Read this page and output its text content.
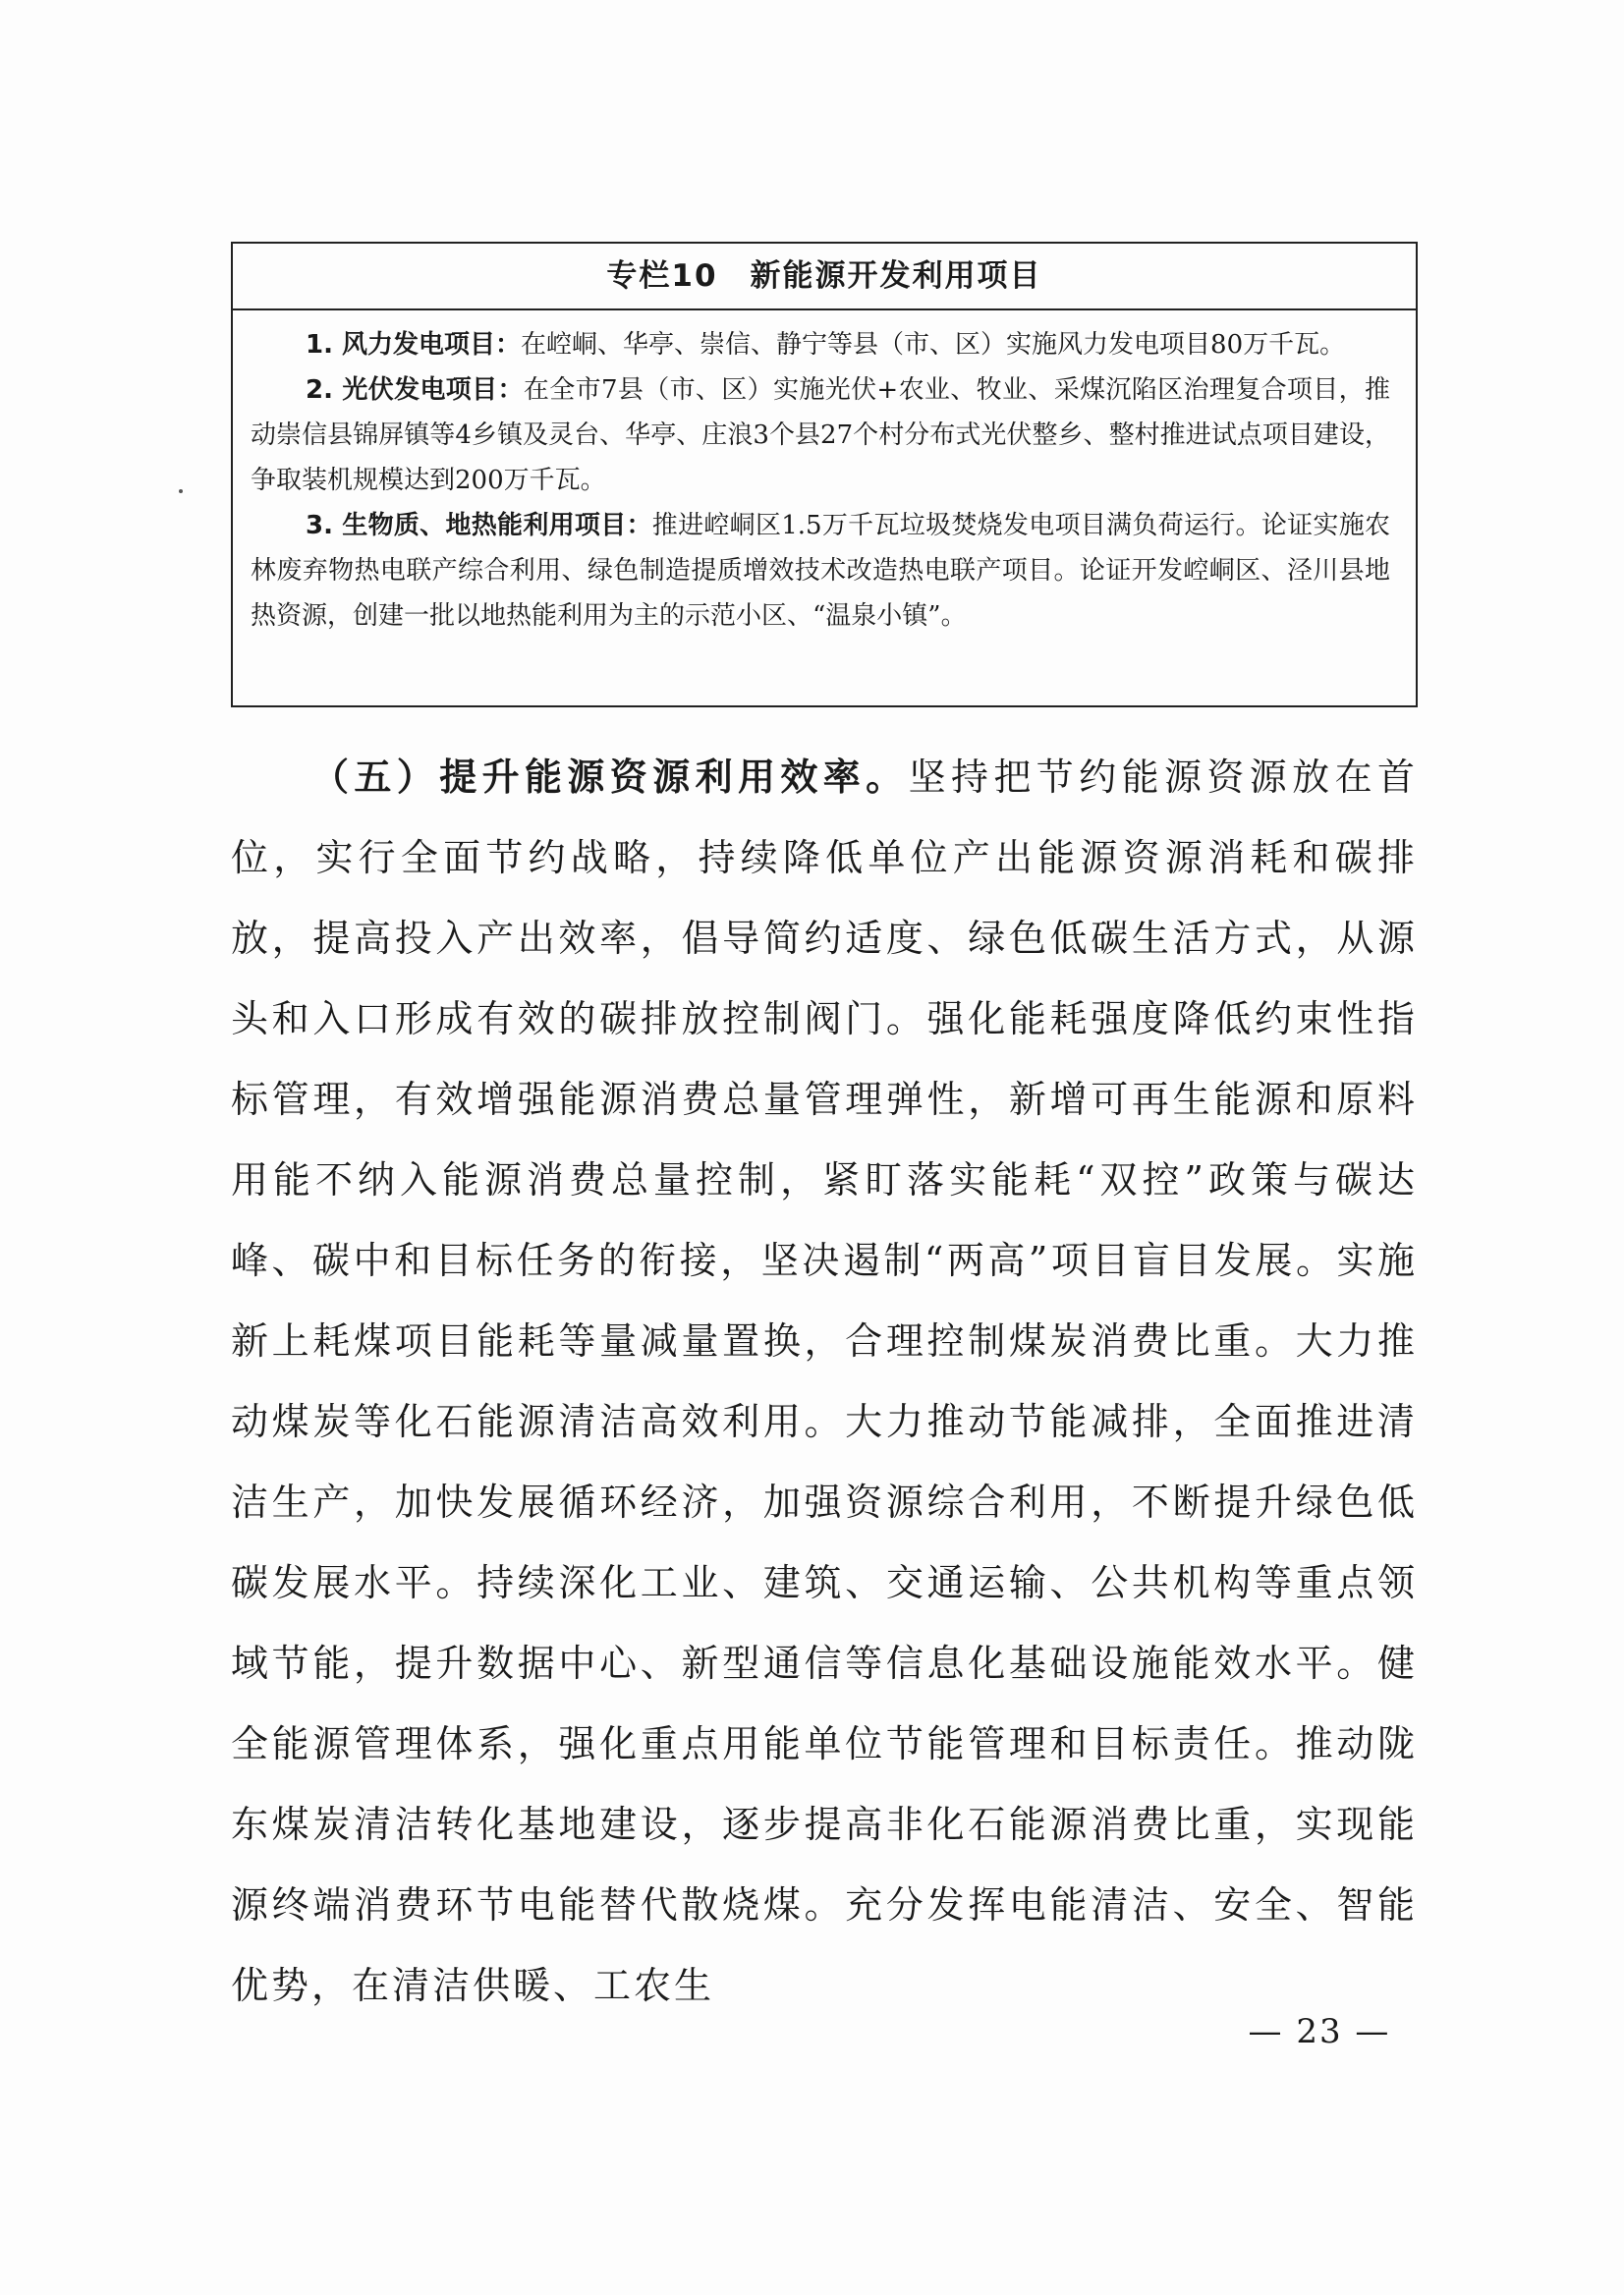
专栏10　新能源开发利用项目

1. 风力发电项目：在崆峒、华亭、崇信、静宁等县（市、区）实施风力发电项目80万千瓦。

2. 光伏发电项目：在全市7县（市、区）实施光伏+农业、牧业、采煤沉陷区治理复合项目，推动崇信县锦屏镇等4乡镇及灵台、华亭、庄浪3个县27个村分布式光伏整乡、整村推进试点项目建设，争取装机规模达到200万千瓦。

3. 生物质、地热能利用项目：推进崆峒区1.5万千瓦垃圾焚烧发电项目满负荷运行。论证实施农林废弃物热电联产综合利用、绿色制造提质增效技术改造热电联产项目。论证开发崆峒区、泾川县地热资源，创建一批以地热能利用为主的示范小区、“温泉小镇”。

（五）提升能源资源利用效率。坚持把节约能源资源放在首位，实行全面节约战略，持续降低单位产出能源资源消耗和碳排放，提高投入产出效率，倡导简约适度、绿色低碳生活方式，从源头和入口形成有效的碳排放控制阀门。强化能耗强度降低约束性指标管理，有效增强能源消费总量管理弹性，新增可再生能源和原料用能不纳入能源消费总量控制，紧盯落实能耗“双控”政策与碳达峰、碳中和目标任务的衔接，坚决遏制“两高”项目盲目发展。实施新上耗煤项目能耗等量减量置换，合理控制煤炭消费比重。大力推动煤炭等化石能源清洁高效利用。大力推动节能减排，全面推进清洁生产，加快发展循环经济，加强资源综合利用，不断提升绿色低碳发展水平。持续深化工业、建筑、交通运输、公共机构等重点领域节能，提升数据中心、新型通信等信息化基础设施能效水平。健全能源管理体系，强化重点用能单位节能管理和目标责任。推动陇东煤炭清洁转化基地建设，逐步提高非化石能源消费比重，实现能源终端消费环节电能替代散烧煤。充分发挥电能清洁、安全、智能优势，在清洁供暖、工农生

— 23 —
